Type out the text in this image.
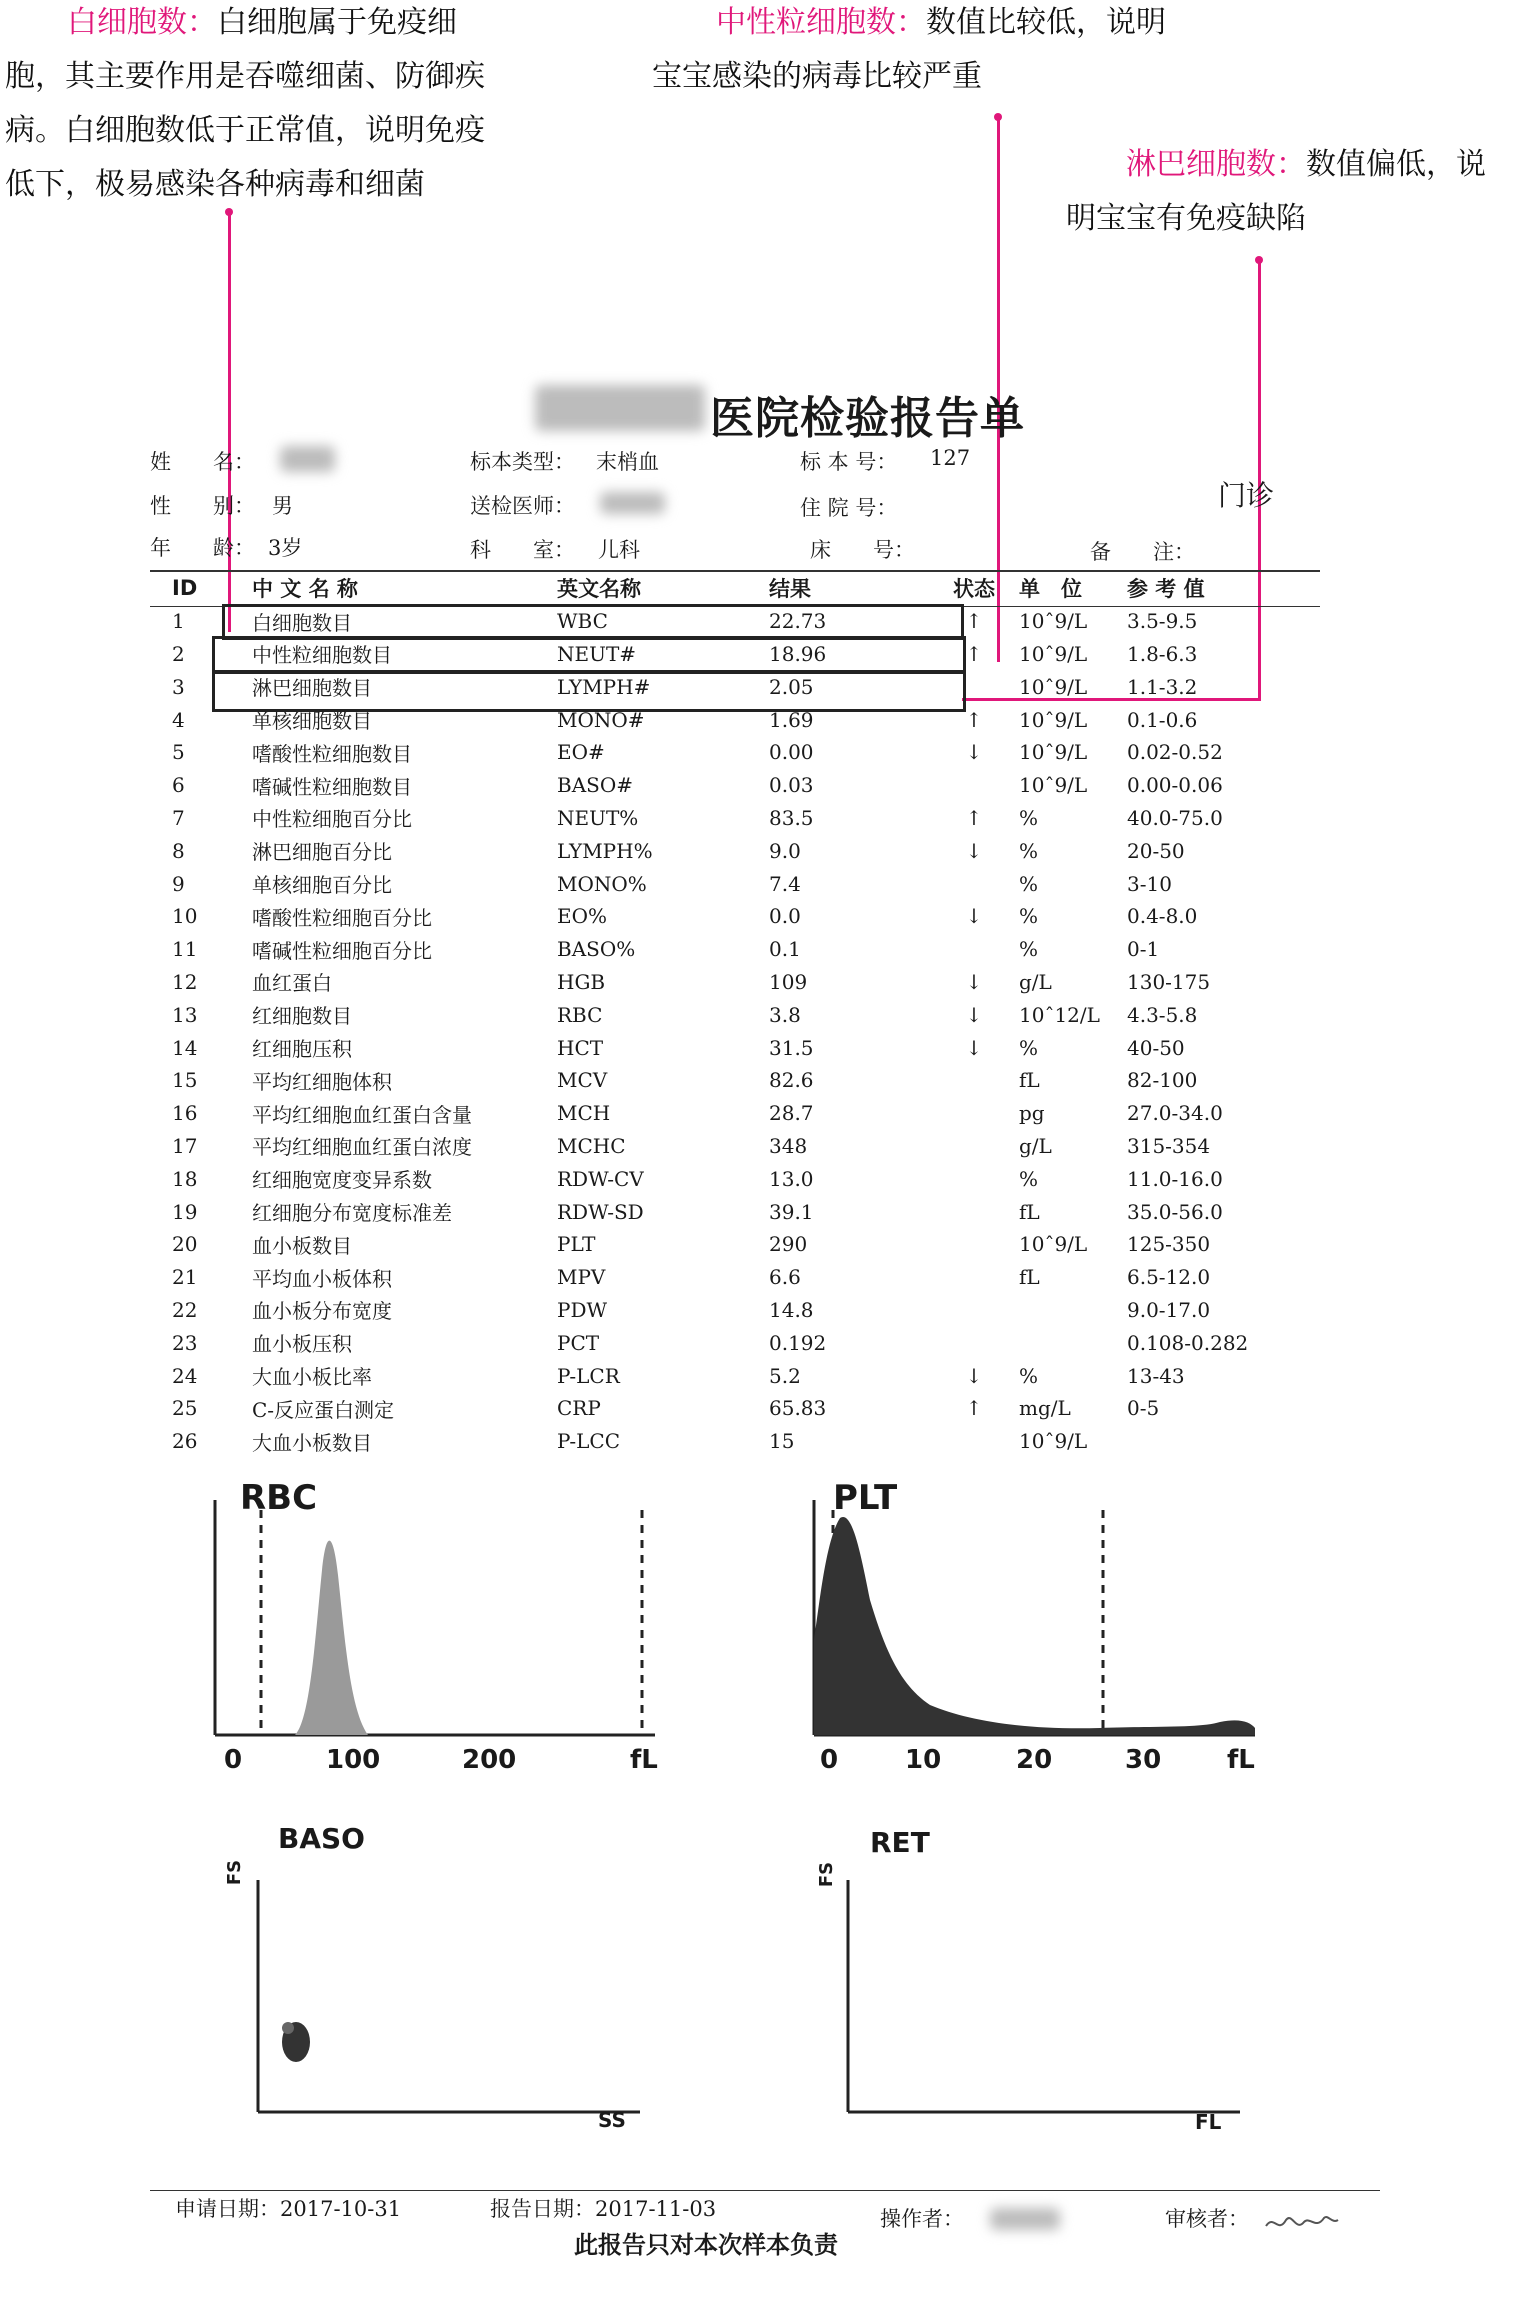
白细胞数：白细胞属于免疫细
胞，其主要作用是吞噬细菌、防御疾
病。白细胞数低于正常值，说明免疫
低下，极易感染各种病毒和细菌
中性粒细胞数：数值比较低，说明
宝宝感染的病毒比较严重
淋巴细胞数：数值偏低，说
明宝宝有免疫缺陷
医院检验报告单
门诊
姓　　名：
性　　别： 男
年　　龄： 3岁
标本类型： 末梢血
送检医师：
科　　室： 儿科
标 本 号： 127
住 院 号：
床　　号：	备　　注：
ID	中 文 名 称	英文名称	结果	状态	单　位	参 考 值
1	白细胞数目	WBC	22.73	↑	10ˆ9/L	3.5-9.5
2	中性粒细胞数目	NEUT#	18.96	↑	10ˆ9/L	1.8-6.3
3	淋巴细胞数目	LYMPH#	2.05		10ˆ9/L	1.1-3.2
4	单核细胞数目	MONO#	1.69	↑	10ˆ9/L	0.1-0.6
5	嗜酸性粒细胞数目	EO#	0.00	↓	10ˆ9/L	0.02-0.52
6	嗜碱性粒细胞数目	BASO#	0.03		10ˆ9/L	0.00-0.06
7	中性粒细胞百分比	NEUT%	83.5	↑	%	40.0-75.0
8	淋巴细胞百分比	LYMPH%	9.0	↓	%	20-50
9	单核细胞百分比	MONO%	7.4		%	3-10
10	嗜酸性粒细胞百分比	EO%	0.0	↓	%	0.4-8.0
11	嗜碱性粒细胞百分比	BASO%	0.1		%	0-1
12	血红蛋白	HGB	109	↓	g/L	130-175
13	红细胞数目	RBC	3.8	↓	10ˆ12/L	4.3-5.8
14	红细胞压积	HCT	31.5	↓	%	40-50
15	平均红细胞体积	MCV	82.6		fL	82-100
16	平均红细胞血红蛋白含量	MCH	28.7		pg	27.0-34.0
17	平均红细胞血红蛋白浓度	MCHC	348		g/L	315-354
18	红细胞宽度变异系数	RDW-CV	13.0		%	11.0-16.0
19	红细胞分布宽度标准差	RDW-SD	39.1		fL	35.0-56.0
20	血小板数目	PLT	290		10ˆ9/L	125-350
21	平均血小板体积	MPV	6.6		fL	6.5-12.0
22	血小板分布宽度	PDW	14.8			9.0-17.0
23	血小板压积	PCT	0.192			0.108-0.282
24	大血小板比率	P-LCR	5.2	↓	%	13-43
25	C-反应蛋白测定	CRP	65.83	↑	mg/L	0-5
26	大血小板数目	P-LCC	15		10ˆ9/L	
RBC
0	100	200	fL
PLT
0	10	20	30	fL
BASO
FS
SS
RET
FS
FL
申请日期：2017-10-31	报告日期：2017-11-03	操作者：	审核者：
此报告只对本次样本负责
